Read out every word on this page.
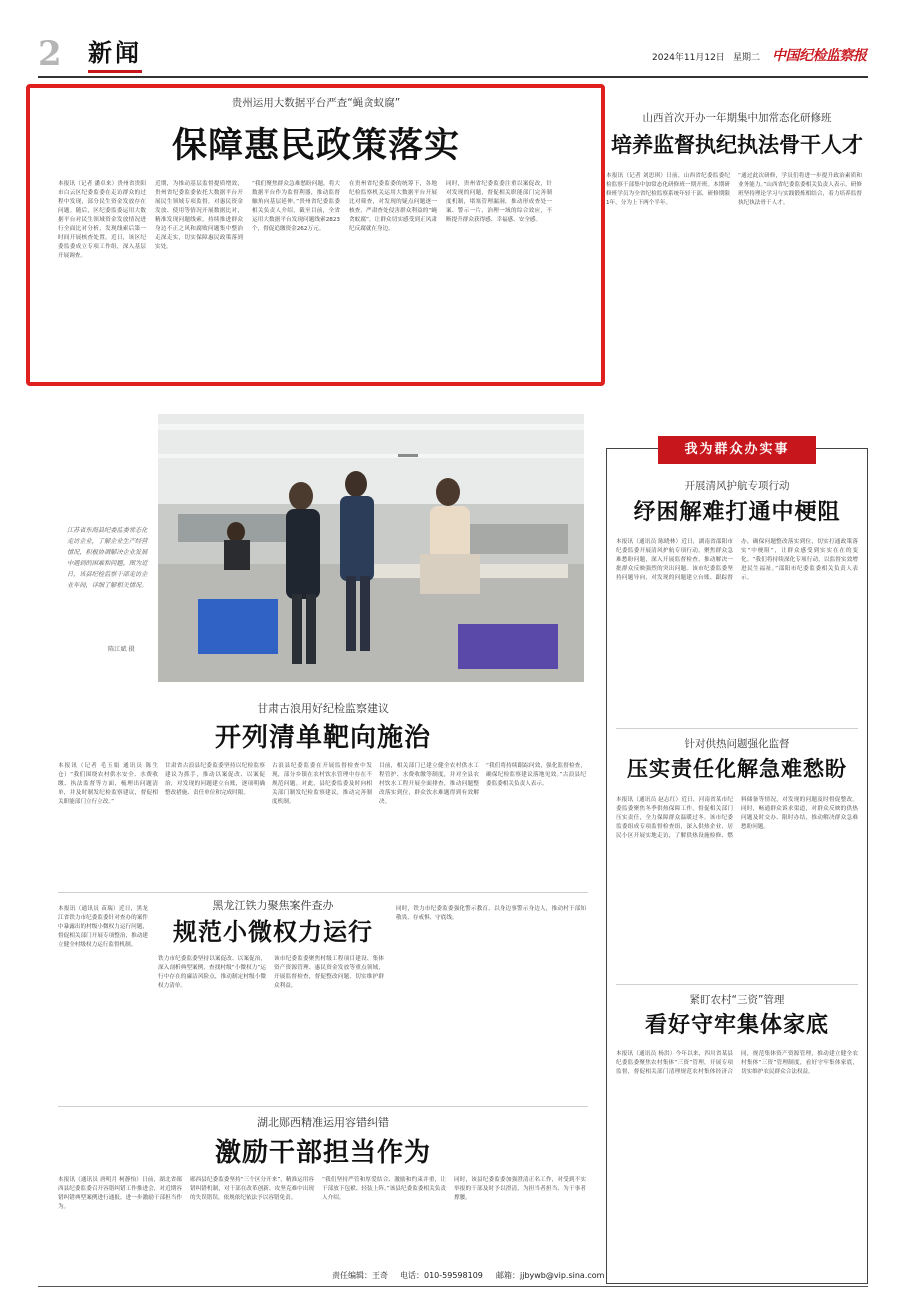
2 新闻	2024年11月12日 星期二 中国纪检监察报
贵州运用大数据平台严查“蝇贪蚁腐”
保障惠民政策落实
本报讯（记者 潘卓来）贵州省贵阳市白云区纪委监委在走访群众的过程中发现，部分民生资金发放存在问题。随后，区纪委监委运用大数据平台对民生领域资金发放情况进行全面比对分析，发现线索后第一时间开展核查处置。近日，该区纪委监委成立专项工作组，深入基层开展调查。
近期，为推动基层监督提质增效，贵州省纪委监委依托大数据平台开展民生领域专项监督，对惠民资金发放、使用等情况开展数据比对，精准发现问题线索，持续推进群众身边不正之风和腐败问题集中整治走深走实，切实保障惠民政策落到实处。
“我们聚焦群众急难愁盼问题，将大数据平台作为监督利器，推动监督触角向基层延伸。”贵州省纪委监委相关负责人介绍，截至目前，全省运用大数据平台发现问题线索2823个，督促追缴资金262万元。
在贵州省纪委监委的统筹下，各地纪检监察机关运用大数据平台开展比对筛查，对发现的疑点问题逐一核查，严肃查处侵害群众利益的“蝇贪蚁腐”，让群众切实感受到正风肃纪反腐就在身边。
同时，贵州省纪委监委注重以案促改，针对发现的问题，督促相关职能部门完善制度机制，堵塞管理漏洞，推动形成查处一案、警示一片、治理一域的综合效应，不断提升群众获得感、幸福感、安全感。
山西首次开办一年期集中加常态化研修班
培养监督执纪执法骨干人才
本报讯（记者 刘思琪）日前，山西省纪委监委纪检监察干部集中加常态化研修班一期开班。本期研修班学员为全省纪检监察系统年轻干部，研修期限1年，分为上下两个半年。
“通过此次研修，学员们将进一步提升政治素质和业务能力。”山西省纪委监委相关负责人表示，研修班坚持理论学习与实践锻炼相结合，着力培养监督执纪执法骨干人才。
江苏省东海县纪委监委常态化走访企业，了解企业生产经营情况，积极协调解决企业发展中遇到的困难和问题。图为近日，该县纪检监察干部走访企业车间，详细了解相关情况。
陈江斌 摄
甘肃古浪用好纪检监察建议
开列清单靶向施治
本报讯（记者 毛玉娟 通讯员 陈生仓）“我们围绕农村供水安全、水费收缴、执法监督等方面，梳理出问题清单，并及时制发纪检监察建议，督促相关职能部门立行立改。”
甘肃省古浪县纪委监委坚持以纪检监察建议为抓手，推动以案促改、以案促治，对发现的问题建立台账，逐项明确整改措施、责任单位和完成时限。
古浪县纪委监委在开展监督检查中发现，部分乡镇在农村饮水管理中存在不规范问题。对此，县纪委监委及时向相关部门制发纪检监察建议，推动完善制度机制。
目前，相关部门已建立健全农村供水工程管护、水费收缴等制度，并对全县农村饮水工程开展全面排查，推动问题整改落实到位，群众饮水难题得到有效解决。
“我们将持续跟踪问效，强化监督检查，确保纪检监察建议落地见效。”古浪县纪委监委相关负责人表示。
黑龙江铁力聚焦案件查办
规范小微权力运行
本报讯（通讯员 苗瑞）近日，黑龙江省铁力市纪委监委针对查办的案件中暴露出的村级小微权力运行问题，督促相关部门开展专项整治，推动建立健全村级权力运行监督机制。
铁力市纪委监委坚持以案促改、以案促治，深入剖析典型案例，查找村级“小微权力”运行中存在的廉洁风险点，推动制定村级小微权力清单。
该市纪委监委聚焦村级工程项目建设、集体资产资源管理、惠民资金发放等重点领域，开展监督检查，督促整改问题，切实维护群众利益。
同时，铁力市纪委监委强化警示教育，以身边事警示身边人，推动村干部知敬畏、存戒惧、守底线。
湖北郧西精准运用容错纠错
激励干部担当作为
本报讯（通讯员 唐明月 柯静怡）日前，湖北省郧西县纪委监委召开容错纠错工作推进会，对近期容错纠错典型案例进行通报，进一步激励干部担当作为。
郧西县纪委监委坚持“三个区分开来”，精准运用容错纠错机制，对干部在改革创新、攻坚克难中出现的失误错误，依规依纪依法予以容错免责。
“我们坚持严管和厚爱结合、激励和约束并重，让干部放下包袱、轻装上阵。”该县纪委监委相关负责人介绍。
同时，该县纪委监委加强澄清正名工作，对受到不实举报的干部及时予以澄清，为担当者担当、为干事者撑腰。
我为群众办实事
开展清风护航专项行动
纾困解难打通中梗阻
本报讯（通讯员 陈晓林）近日，湖南省邵阳市纪委监委开展清风护航专项行动，聚焦群众急难愁盼问题，深入开展监督检查，推动解决一批群众反映强烈的突出问题。该市纪委监委坚持问题导向，对发现的问题建立台账、跟踪督办，确保问题整改落实到位，切实打通政策落实“中梗阻”，让群众感受到实实在在的变化。“我们将持续深化专项行动，以监督实效增进民生福祉。”邵阳市纪委监委相关负责人表示。
针对供热问题强化监督
压实责任化解急难愁盼
本报讯（通讯员 赵志红）近日，河南省某市纪委监委聚焦冬季供热保障工作，督促相关部门压实责任，全力保障群众温暖过冬。该市纪委监委组成专项监督检查组，深入供热企业、居民小区开展实地走访，了解供热设施检修、燃料储备等情况，对发现的问题及时督促整改。同时，畅通群众诉求渠道，对群众反映的供热问题及时交办、限时办结，推动解决群众急难愁盼问题。
紧盯农村“三资”管理
看好守牢集体家底
本报讯（通讯员 杨洪）今年以来，四川省某县纪委监委聚焦农村集体“三资”管理，开展专项监督，督促相关部门清理规范农村集体经济合同，规范集体资产资源管理，推动建立健全农村集体“三资”管理制度，看好守牢集体家底，切实维护农民群众合法权益。
责任编辑：王奇 电话：010-59598109 邮箱：jjbywb@vip.sina.com
